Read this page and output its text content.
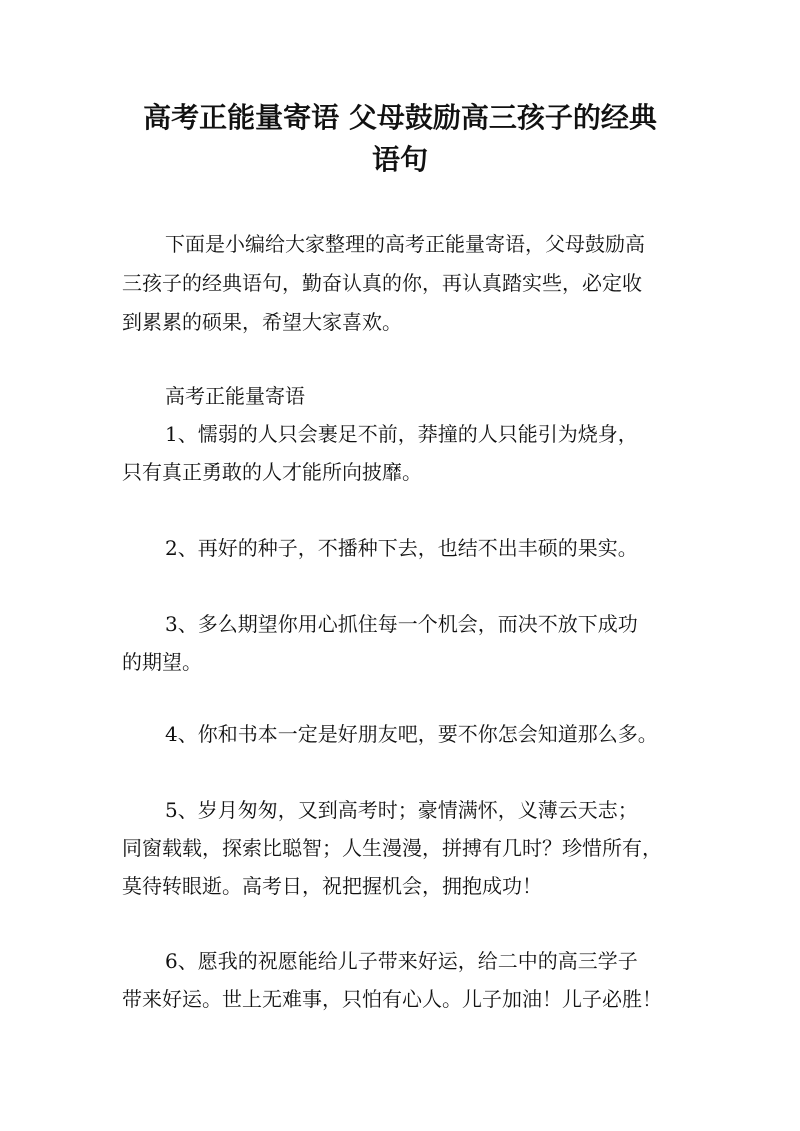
高考正能量寄语 父母鼓励高三孩子的经典
语句
下面是小编给大家整理的高考正能量寄语，父母鼓励高
三孩子的经典语句，勤奋认真的你，再认真踏实些，必定收
到累累的硕果，希望大家喜欢。
高考正能量寄语
1、懦弱的人只会裹足不前，莽撞的人只能引为烧身，
只有真正勇敢的人才能所向披靡。
2、再好的种子，不播种下去，也结不出丰硕的果实。
3、多么期望你用心抓住每一个机会，而决不放下成功
的期望。
4、你和书本一定是好朋友吧，要不你怎会知道那么多。
5、岁月匆匆，又到高考时；豪情满怀，义薄云天志；
同窗载载，探索比聪智；人生漫漫，拼搏有几时？珍惜所有，
莫待转眼逝。高考日，祝把握机会，拥抱成功！
6、愿我的祝愿能给儿子带来好运，给二中的高三学子
带来好运。世上无难事，只怕有心人。儿子加油！儿子必胜！
